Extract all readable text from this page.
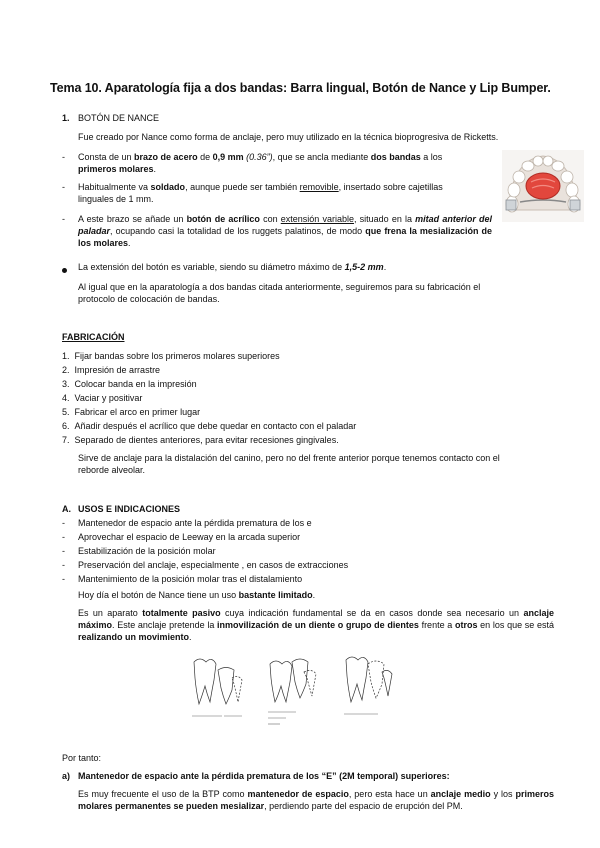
Tema 10. Aparatología fija a dos bandas: Barra lingual, Botón de Nance y Lip Bumper.
1. BOTÓN DE NANCE
Fue creado por Nance como forma de anclaje, pero muy utilizado en la técnica bioprogresiva de Ricketts.
-	Consta de un brazo de acero de 0,9 mm (0.36”), que se ancla mediante dos bandas a los
primeros molares.
-	Habitualmente va soldado, aunque puede ser también removible, insertado sobre cajetillas
linguales de 1 mm.
-	A este brazo se añade un botón de acrílico con extensión variable, situado en la mitad anterior del paladar, ocupando casi la totalidad de los ruggets palatinos, de modo que frena la mesialización de los molares.
La extensión del botón es variable, siendo su diámetro máximo de 1,5-2 mm.
Al igual que en la aparatología a dos bandas citada anteriormente, seguiremos para su fabricación el
protocolo de colocación de bandas.
FABRICACIÓN
1. Fijar bandas sobre los primeros molares superiores
2. Impresión de arrastre
3. Colocar banda en la impresión
4. Vaciar y positivar
5. Fabricar el arco en primer lugar
6. Añadir después el acrílico que debe quedar en contacto con el paladar
7. Separado de dientes anteriores, para evitar recesiones gingivales.
Sirve de anclaje para la distalación del canino, pero no del frente anterior porque tenemos contacto con el
reborde alveolar.
A. USOS E INDICACIONES
-	Mantenedor de espacio ante la pérdida prematura de los e
-	Aprovechar el espacio de Leeway en la arcada superior
-	Estabilización de la posición molar
-	Preservación del anclaje, especialmente , en casos de extracciones
-	Mantenimiento de la posición molar tras el distalamiento
Hoy día el botón de Nance tiene un uso bastante limitado.
Es un aparato totalmente pasivo cuya indicación fundamental se da en casos donde sea necesario un anclaje máximo. Este anclaje pretende la inmovilización de un diente o grupo de dientes frente a otros en los que se está realizando un movimiento.
Por tanto:
a) Mantenedor de espacio ante la pérdida prematura de los “E” (2M temporal) superiores:
Es muy frecuente el uso de la BTP como mantenedor de espacio, pero esta hace un anclaje medio y los primeros molares permanentes se pueden mesializar, perdiendo parte del espacio de erupción del PM.
